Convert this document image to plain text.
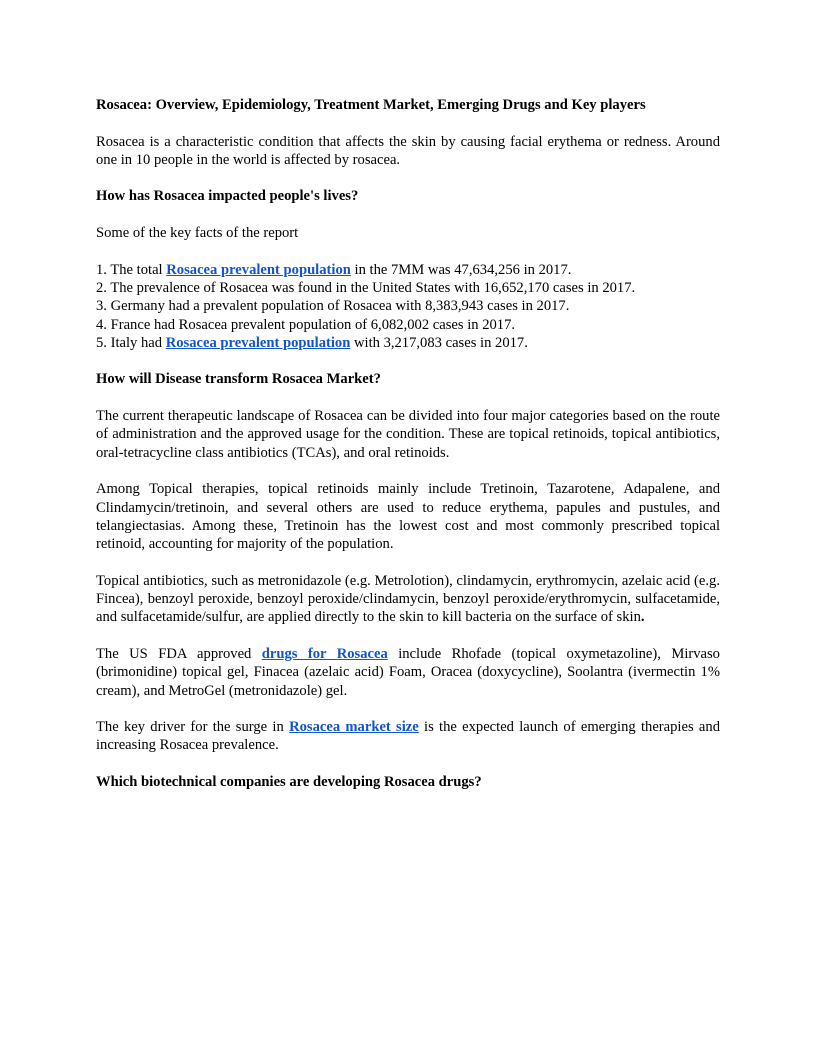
Rosacea: Overview, Epidemiology, Treatment Market, Emerging Drugs and Key players

Rosacea is a characteristic condition that affects the skin by causing facial erythema or redness. Around one in 10 people in the world is affected by rosacea.

How has Rosacea impacted people's lives?

Some of the key facts of the report

1. The total Rosacea prevalent population in the 7MM was 47,634,256 in 2017.

2. The prevalence of Rosacea was found in the United States with 16,652,170 cases in 2017.

3. Germany had a prevalent population of Rosacea with 8,383,943 cases in 2017.

4. France had Rosacea prevalent population of 6,082,002 cases in 2017.

5. Italy had Rosacea prevalent population with 3,217,083 cases in 2017.

How will Disease transform Rosacea Market?

The current therapeutic landscape of Rosacea can be divided into four major categories based on the route of administration and the approved usage for the condition. These are topical retinoids, topical antibiotics, oral-tetracycline class antibiotics (TCAs), and oral retinoids.

Among Topical therapies, topical retinoids mainly include Tretinoin, Tazarotene, Adapalene, and Clindamycin/tretinoin, and several others are used to reduce erythema, papules and pustules, and telangiectasias. Among these, Tretinoin has the lowest cost and most commonly prescribed topical retinoid, accounting for majority of the population.

Topical antibiotics, such as metronidazole (e.g. Metrolotion), clindamycin, erythromycin, azelaic acid (e.g. Fincea), benzoyl peroxide, benzoyl peroxide/clindamycin, benzoyl peroxide/erythromycin, sulfacetamide, and sulfacetamide/sulfur, are applied directly to the skin to kill bacteria on the surface of skin.

The US FDA approved drugs for Rosacea include Rhofade (topical oxymetazoline), Mirvaso (brimonidine) topical gel, Finacea (azelaic acid) Foam, Oracea (doxycycline), Soolantra (ivermectin 1% cream), and MetroGel (metronidazole) gel.

The key driver for the surge in Rosacea market size is the expected launch of emerging therapies and increasing Rosacea prevalence.

Which biotechnical companies are developing Rosacea drugs?
